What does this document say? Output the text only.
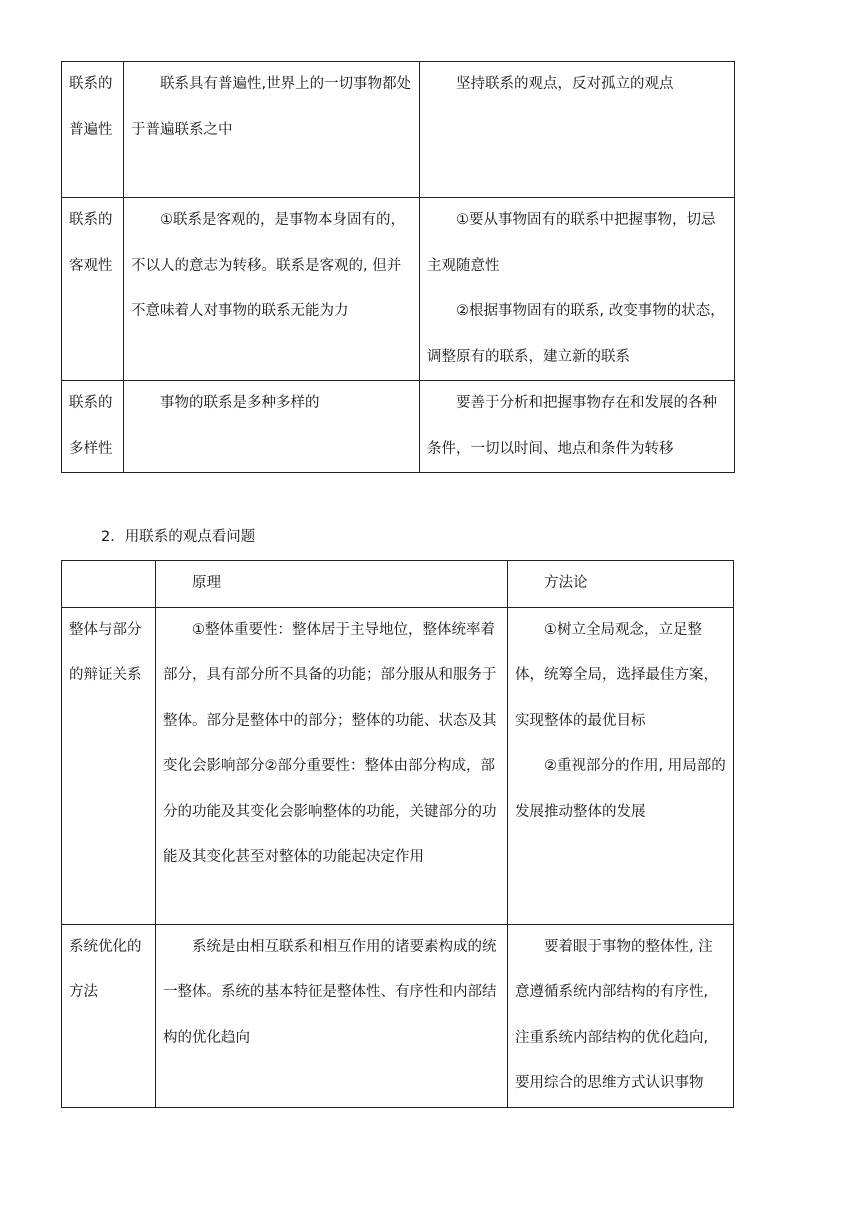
联系的普遍性	联系具有普遍性,世界上的一切事物都处于普遍联系之中	坚持联系的观点，反对孤立的观点

联系的客观性	①联系是客观的，是事物本身固有的，不以人的意志为转移。联系是客观的, 但并不意味着人对事物的联系无能为力	①要从事物固有的联系中把握事物，切忌主观随意性

②根据事物固有的联系, 改变事物的状态，调整原有的联系，建立新的联系

联系的多样性	事物的联系是多种多样的	要善于分析和把握事物存在和发展的各种条件，一切以时间、地点和条件为转移

2．用联系的观点看问题
	原理	方法论

整体与部分的辩证关系	①整体重要性：整体居于主导地位，整体统率着部分，具有部分所不具备的功能；部分服从和服务于整体。部分是整体中的部分；整体的功能、状态及其变化会影响部分②部分重要性：整体由部分构成，部分的功能及其变化会影响整体的功能，关键部分的功能及其变化甚至对整体的功能起决定作用	①树立全局观念，立足整体，统筹全局，选择最佳方案，实现整体的最优目标

②重视部分的作用, 用局部的发展推动整体的发展

系统优化的方法	系统是由相互联系和相互作用的诸要素构成的统一整体。系统的基本特征是整体性、有序性和内部结构的优化趋向	要着眼于事物的整体性, 注意遵循系统内部结构的有序性, 注重系统内部结构的优化趋向, 要用综合的思维方式认识事物
